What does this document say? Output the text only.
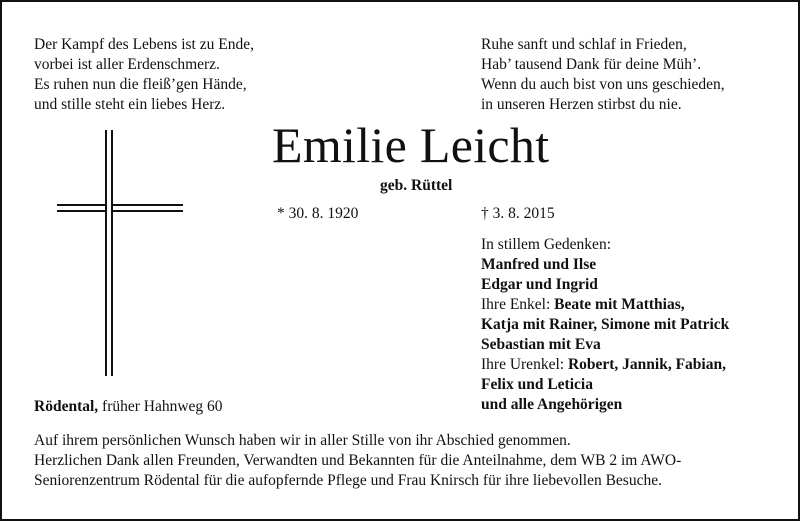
Der Kampf des Lebens ist zu Ende,
vorbei ist aller Erdenschmerz.
Es ruhen nun die fleiß’gen Hände,
und stille steht ein liebes Herz.
Ruhe sanft und schlaf in Frieden,
Hab’ tausend Dank für deine Müh’.
Wenn du auch bist von uns geschieden,
in unseren Herzen stirbst du nie.
Emilie Leicht
geb. Rüttel
* 30. 8. 1920	† 3. 8. 2015
In stillem Gedenken:
Manfred und Ilse
Edgar und Ingrid
Ihre Enkel: Beate mit Matthias,
Katja mit Rainer, Simone mit Patrick
Sebastian mit Eva
Ihre Urenkel: Robert, Jannik, Fabian,
Felix und Leticia
und alle Angehörigen
Rödental, früher Hahnweg 60
Auf ihrem persönlichen Wunsch haben wir in aller Stille von ihr Abschied genommen.
Herzlichen Dank allen Freunden, Verwandten und Bekannten für die Anteilnahme, dem WB 2 im AWO-
Seniorenzentrum Rödental für die aufopfernde Pflege und Frau Knirsch für ihre liebevollen Besuche.
